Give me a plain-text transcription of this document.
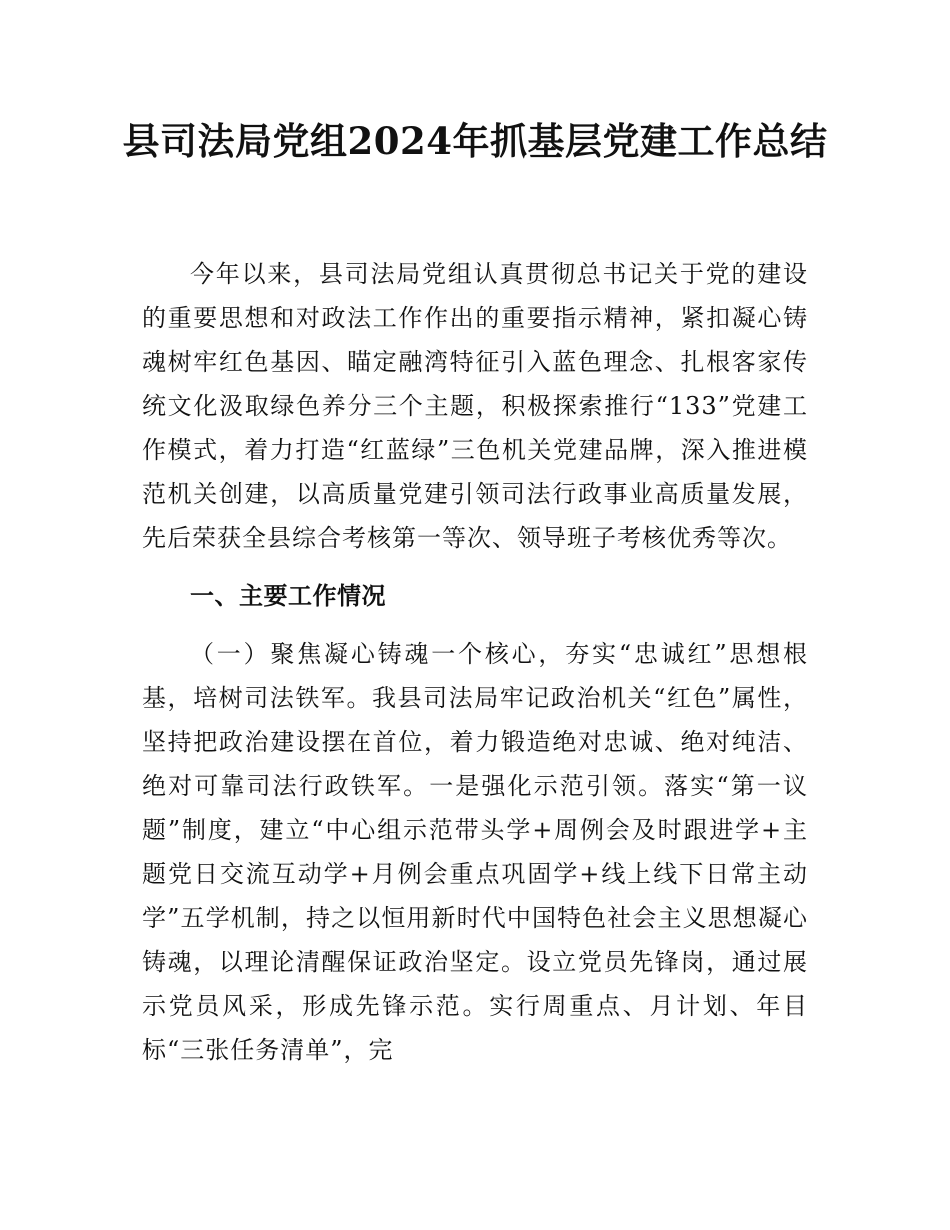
县司法局党组2024年抓基层党建工作总结

今年以来，县司法局党组认真贯彻总书记关于党的建设的重要思想和对政法工作作出的重要指示精神，紧扣凝心铸魂树牢红色基因、瞄定融湾特征引入蓝色理念、扎根客家传统文化汲取绿色养分三个主题，积极探索推行“133”党建工作模式，着力打造“红蓝绿”三色机关党建品牌，深入推进模范机关创建，以高质量党建引领司法行政事业高质量发展，先后荣获全县综合考核第一等次、领导班子考核优秀等次。

一、主要工作情况

（一）聚焦凝心铸魂一个核心，夯实“忠诚红”思想根基，培树司法铁军。我县司法局牢记政治机关“红色”属性，坚持把政治建设摆在首位，着力锻造绝对忠诚、绝对纯洁、绝对可靠司法行政铁军。一是强化示范引领。落实“第一议题”制度，建立“中心组示范带头学+周例会及时跟进学+主题党日交流互动学+月例会重点巩固学+线上线下日常主动学”五学机制，持之以恒用新时代中国特色社会主义思想凝心铸魂，以理论清醒保证政治坚定。设立党员先锋岗，通过展示党员风采，形成先锋示范。实行周重点、月计划、年目标“三张任务清单”，完
